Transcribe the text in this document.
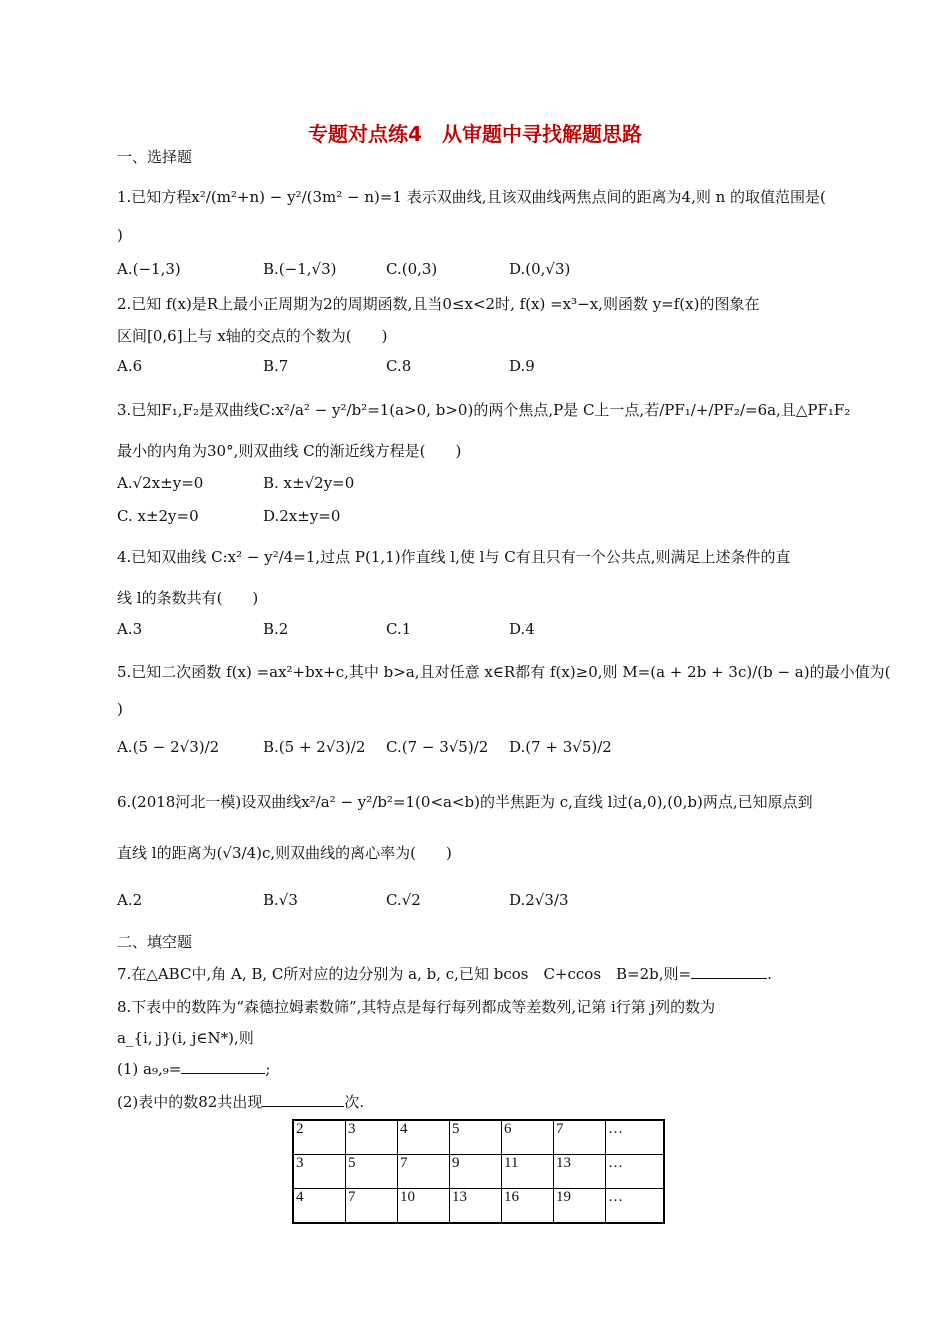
专题对点练4　从审题中寻找解题思路
一、选择题
1.已知方程x²/(m²+n) − y²/(3m² − n)=1 表示双曲线,且该双曲线两焦点间的距离为4,则 n 的取值范围是(
)
A.(−1,3)	B.(−1,√3)	C.(0,3)	D.(0,√3)
2.已知 f(x)是R上最小正周期为2的周期函数,且当0≤x<2时, f(x) =x³−x,则函数 y=f(x)的图象在
区间[0,6]上与 x轴的交点的个数为(　　)
A.6	B.7	C.8	D.9
3.已知F₁,F₂是双曲线C:x²/a² − y²/b²=1(a>0, b>0)的两个焦点,P是 C上一点,若/PF₁/+/PF₂/=6a,且△PF₁F₂
最小的内角为30°,则双曲线 C的渐近线方程是(　　)
A.√2x±y=0	B. x±√2y=0
C. x±2y=0	D.2x±y=0
4.已知双曲线 C:x² − y²/4=1,过点 P(1,1)作直线 l,使 l与 C有且只有一个公共点,则满足上述条件的直
线 l的条数共有(　　)
A.3	B.2	C.1	D.4
5.已知二次函数 f(x) =ax²+bx+c,其中 b>a,且对任意 x∈R都有 f(x)≥0,则 M=(a + 2b + 3c)/(b − a)的最小值为(
)
A.(5 − 2√3)/2	B.(5 + 2√3)/2 C.(7 − 3√5)/2 D.(7 + 3√5)/2
6.(2018河北一模)设双曲线x²/a² − y²/b²=1(0<a<b)的半焦距为 c,直线 l过(a,0),(0,b)两点,已知原点到
直线 l的距离为(√3/4)c,则双曲线的离心率为(　　)
A.2	B.√3	C.√2	D.2√3/3
二、填空题
7.在△ABC中,角 A, B, C所对应的边分别为 a, b, c,已知 bcos　C+ccos　B=2b,则=	.
8.下表中的数阵为“森德拉姆素数筛”,其特点是每行每列都成等差数列,记第 i行第 j列的数为
a_{i, j}(i, j∈N*),则
(1) a₉,₉=	;
(2)表中的数82共出现	次.
2	3	4	5	6	7	…
3	5	7	9	11	13	…
4	7	10	13	16	19	…
